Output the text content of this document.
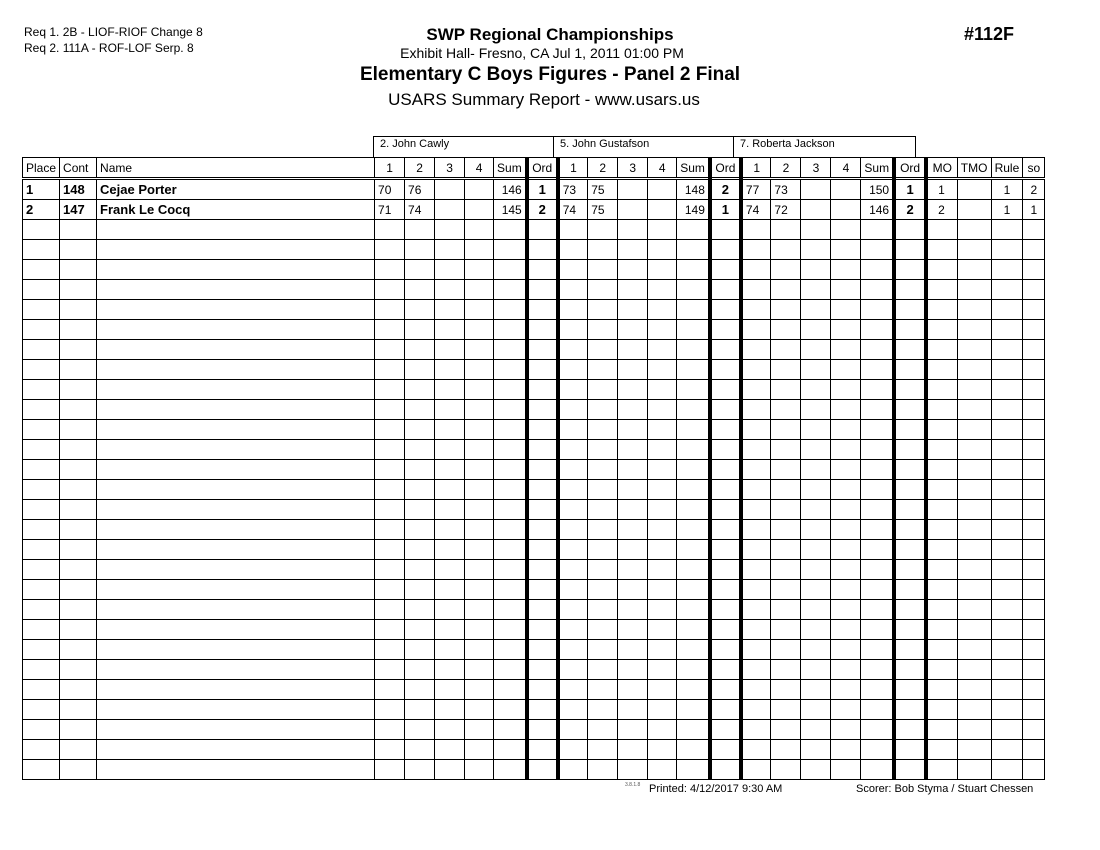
Req 1. 2B - LIOF-RIOF Change 8
Req 2. 111A - ROF-LOF Serp. 8
SWP Regional Championships
Exhibit Hall- Fresno, CA Jul 1, 2011 01:00 PM
Elementary C Boys Figures - Panel 2 Final
USARS Summary Report - www.usars.us
#112F
2. John Cawly	5. John Gustafson	7. Roberta Jackson
Place	Cont	Name	1	2	3	4	Sum	Ord	1	2	3	4	Sum	Ord	1	2	3	4	Sum	Ord	MO	TMO	Rule	so
1	148	Cejae Porter	70	76			146	1	73	75			148	2	77	73			150	1	1		1	2
2	147	Frank Le Cocq	71	74			145	2	74	75			149	1	74	72			146	2	2		1	1

3.8.1.8 Printed: 4/12/2017 9:30 AM	Scorer: Bob Styma / Stuart Chessen
